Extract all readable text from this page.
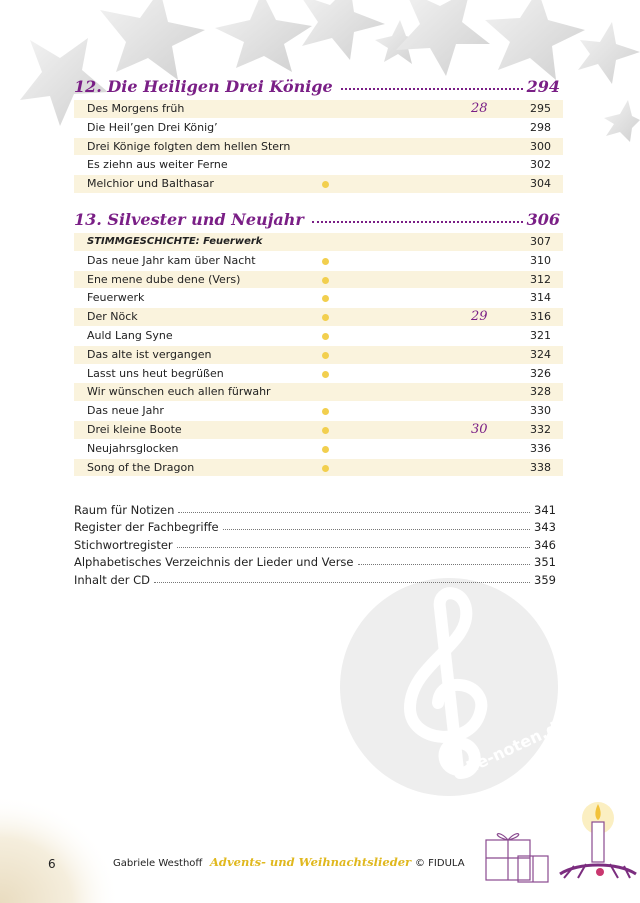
alle-noten.de
12. Die Heiligen Drei Könige	294
Des Morgens früh	28	295
Die Heil’gen Drei König’	298
Drei Könige folgten dem hellen Stern	300
Es ziehn aus weiter Ferne	302
Melchior und Balthasar	304
13. Silvester und Neujahr	306
STIMMGESCHICHTE: Feuerwerk	307
Das neue Jahr kam über Nacht	310
Ene mene dube dene (Vers)	312
Feuerwerk	314
Der Nöck	29	316
Auld Lang Syne	321
Das alte ist vergangen	324
Lasst uns heut begrüßen	326
Wir wünschen euch allen fürwahr	328
Das neue Jahr	330
Drei kleine Boote	30	332
Neujahrsglocken	336
Song of the Dragon	338
Raum für Notizen	341
Register der Fachbegriffe	343
Stichwortregister	346
Alphabetisches Verzeichnis der Lieder und Verse	351
Inhalt der CD	359
6	Gabriele Westhoff Advents- und Weihnachtslieder © FIDULA
